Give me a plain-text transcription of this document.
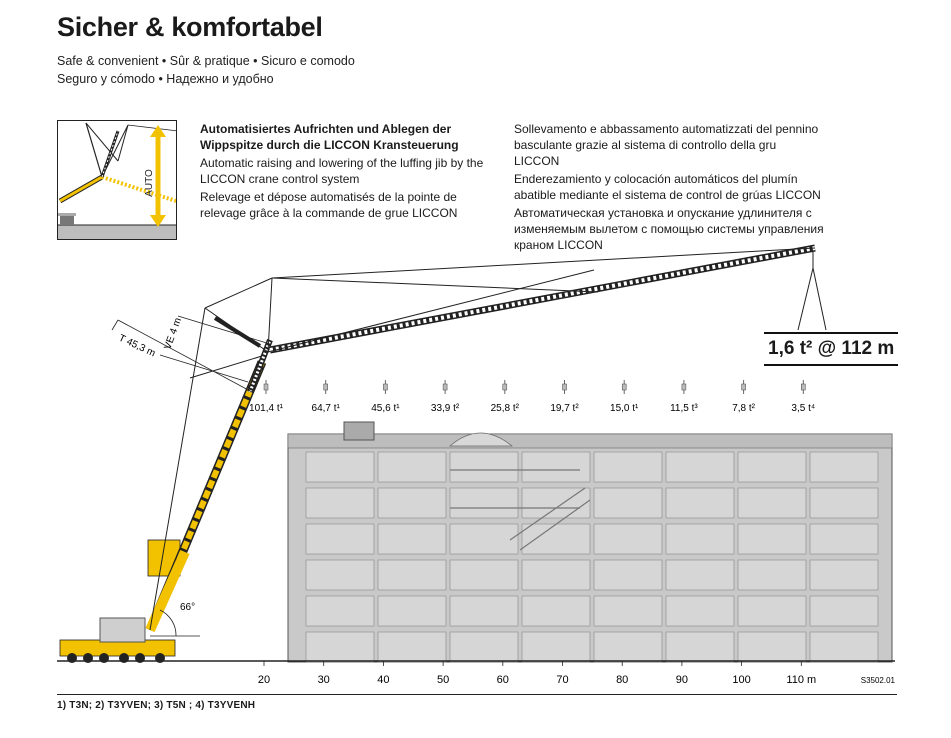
Sicher & komfortabel
Safe & convenient • Sûr & pratique • Sicuro e comodo
Seguro y cómodo • Надежно и удобно
AUTO

Automatisiertes Aufrichten und Ablegen der Wippspitze durch die LICCON Kransteuerung

Automatic raising and lowering of the luffing jib by the LICCON crane control system

Relevage et dépose automatisés de la pointe de relevage grâce à la commande de grue LICCON

Sollevamento e abbassamento automatizzati del pennino basculante grazie al sistema di controllo della gru LICCON

Enderezamiento y colocación automáticos del plumín abatible mediante el sistema de control de grúas LICCON

Автоматическая установка и опускание удлинителя с изменяемым вылетом с помощью системы управления краном LICCON

T 45,3 m VE 4 m
66°
101,4 t¹	64,7 t¹	45,6 t¹	33,9 t²	25,8 t²	19,7 t²	15,0 t¹	11,5 t³	7,8 t²	3,5 t⁴
20	30	40	50	60	70	80	90	100	110 m	S3502.01
1,6 t² @ 112 m
1) T3N; 2) T3YVEN; 3) T5N ; 4) T3YVENH
